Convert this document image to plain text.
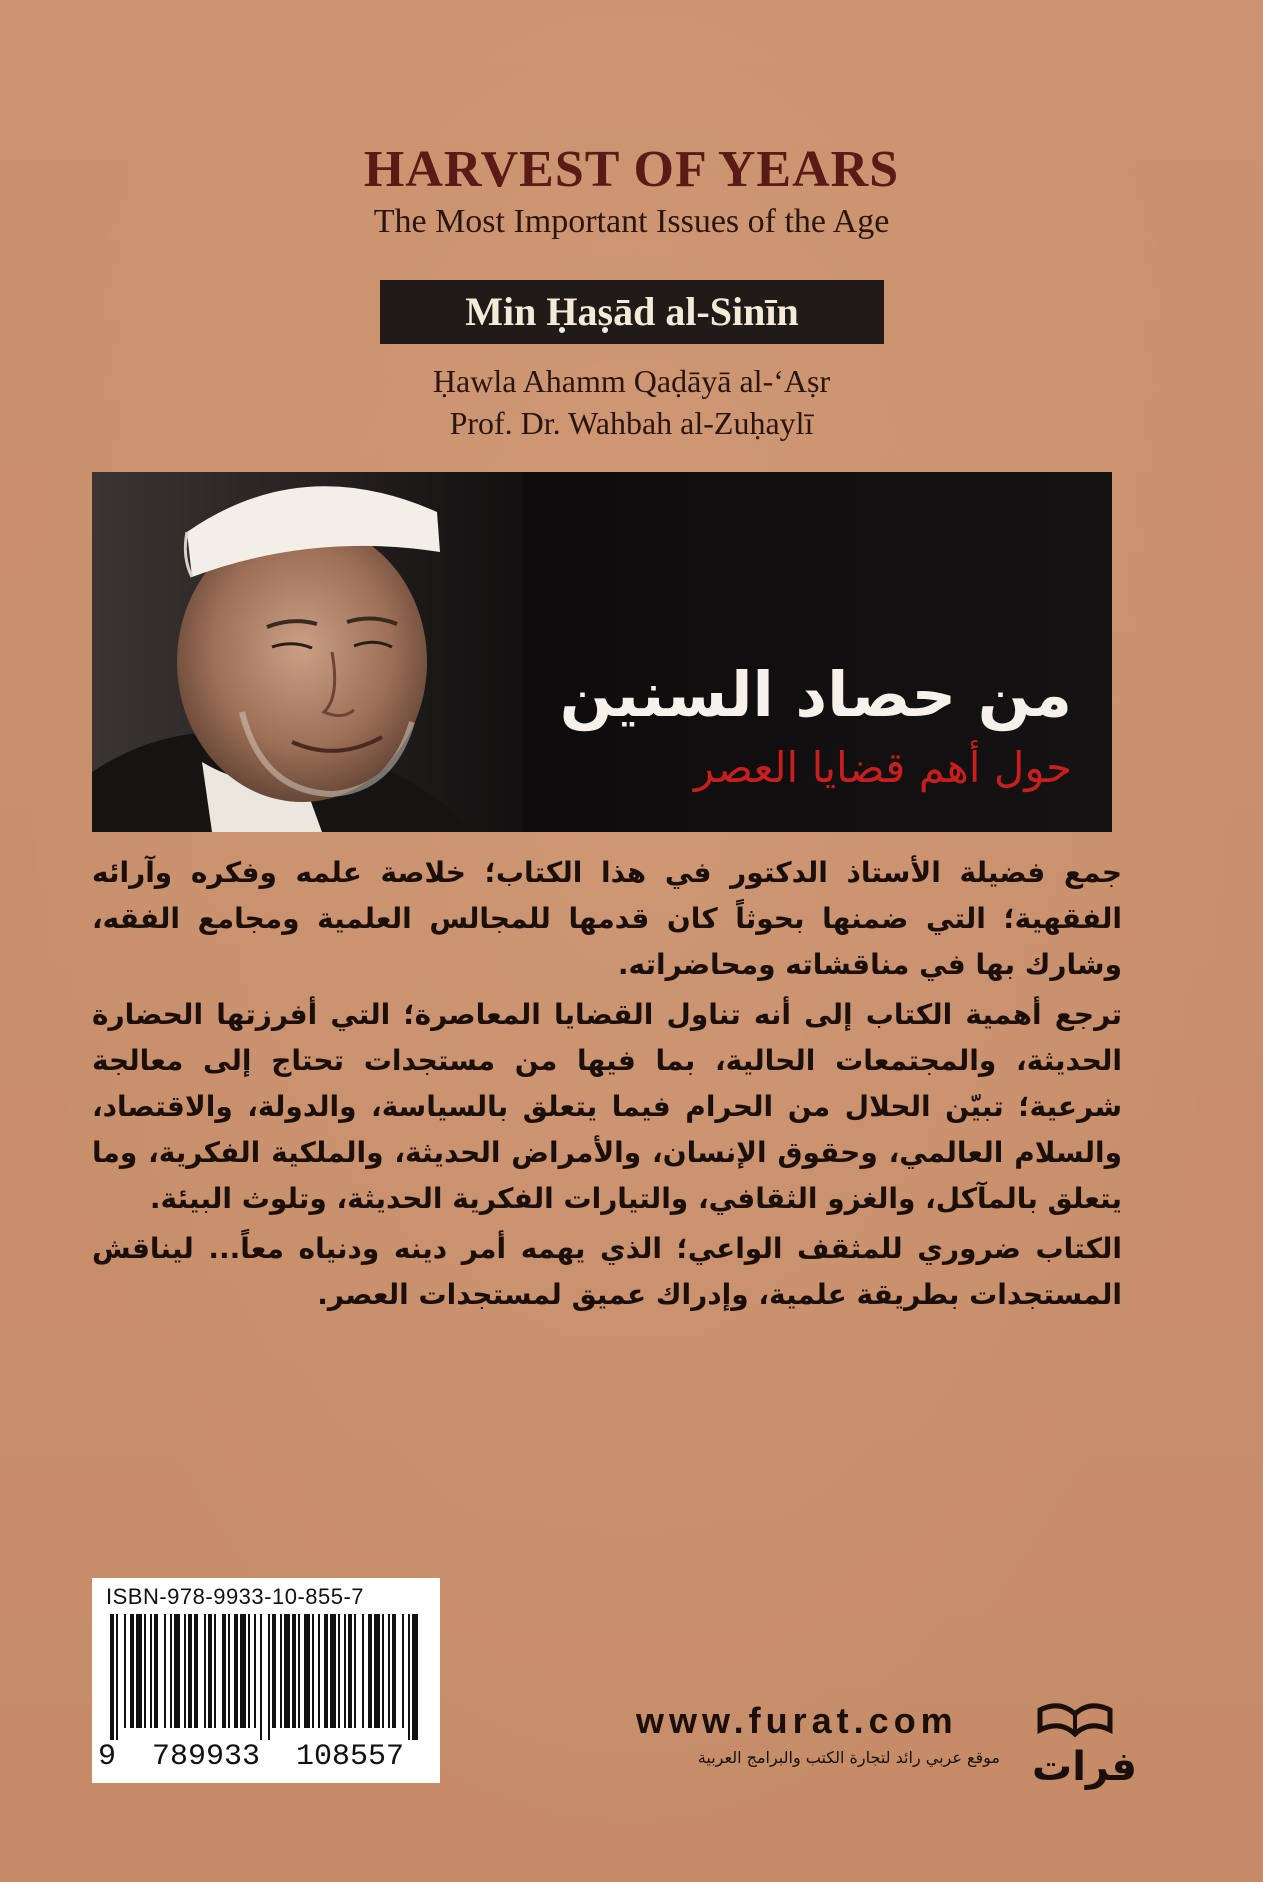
HARVEST OF YEARS
The Most Important Issues of the Age
Min Ḥaṣād al-Sinīn
Ḥawla Ahamm Qaḍāyā al-‘Aṣr
Prof. Dr. Wahbah al-Zuḥaylī
من حصاد السنين
حول أهم قضايا العصر

جمع فضيلة الأستاذ الدكتور في هذا الكتاب؛ خلاصة علمه وفكره وآرائه الفقهية؛ التي ضمنها بحوثاً كان قدمها للمجالس العلمية ومجامع الفقه، وشارك بها في مناقشاته ومحاضراته.

ترجع أهمية الكتاب إلى أنه تناول القضايا المعاصرة؛ التي أفرزتها الحضارة الحديثة، والمجتمعات الحالية، بما فيها من مستجدات تحتاج إلى معالجة شرعية؛ تبيّن الحلال من الحرام فيما يتعلق بالسياسة، والدولة، والاقتصاد، والسلام العالمي، وحقوق الإنسان، والأمراض الحديثة، والملكية الفكرية، وما يتعلق بالمآكل، والغزو الثقافي، والتيارات الفكرية الحديثة، وتلوث البيئة.

الكتاب ضروري للمثقف الواعي؛ الذي يهمه أمر دينه ودنياه معاً... ليناقش المستجدات بطريقة علمية، وإدراك عميق لمستجدات العصر.

ISBN-978-9933-10-855-7
9  789933  108557
www.furat.com
موقع عربي رائد لتجارة الكتب والبرامج العربية فرات
